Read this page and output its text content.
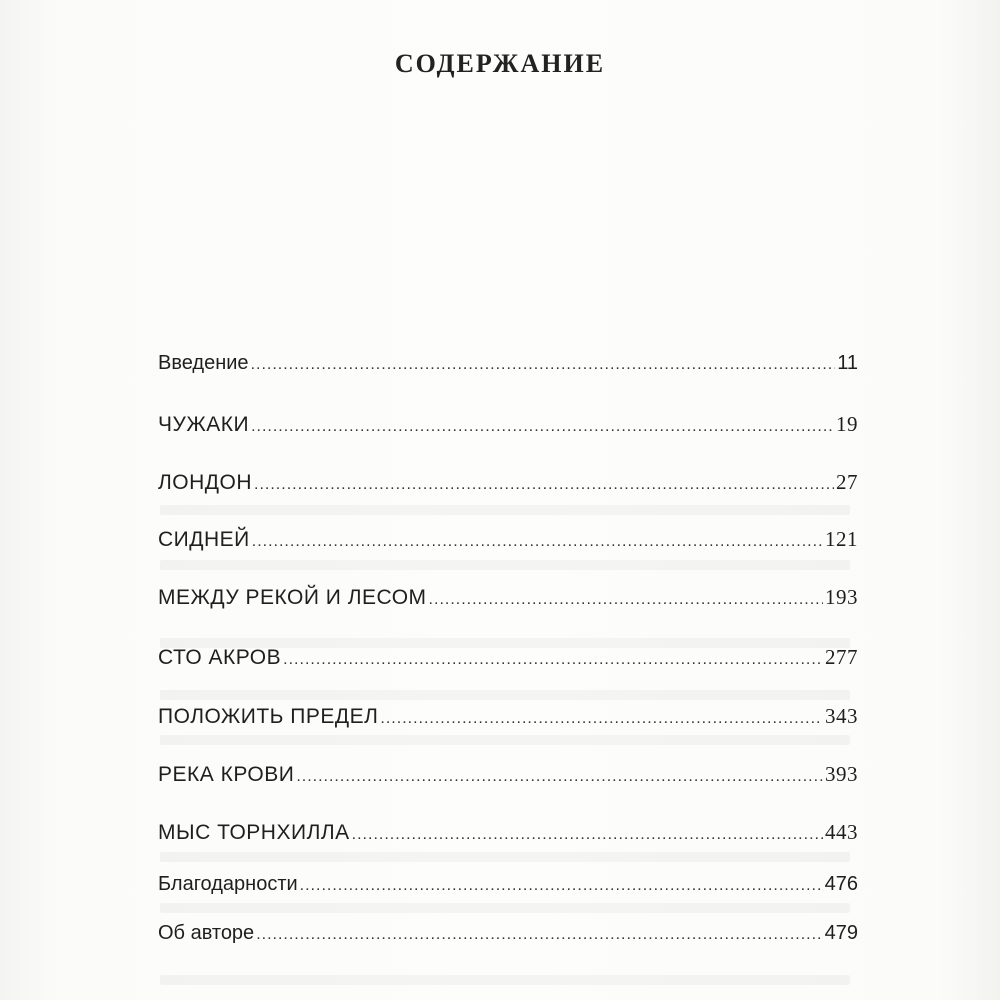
СОДЕРЖАНИЕ
Введение .....	11
ЧУЖАКИ .....	19
ЛОНДОН .....	27
СИДНЕЙ .....	121
МЕЖДУ РЕКОЙ И ЛЕСОМ .....	193
СТО АКРОВ .....	277
ПОЛОЖИТЬ ПРЕДЕЛ .....	343
РЕКА КРОВИ .....	393
МЫС ТОРНХИЛЛА .....	443
Благодарности .....	476
Об авторе .....	479
